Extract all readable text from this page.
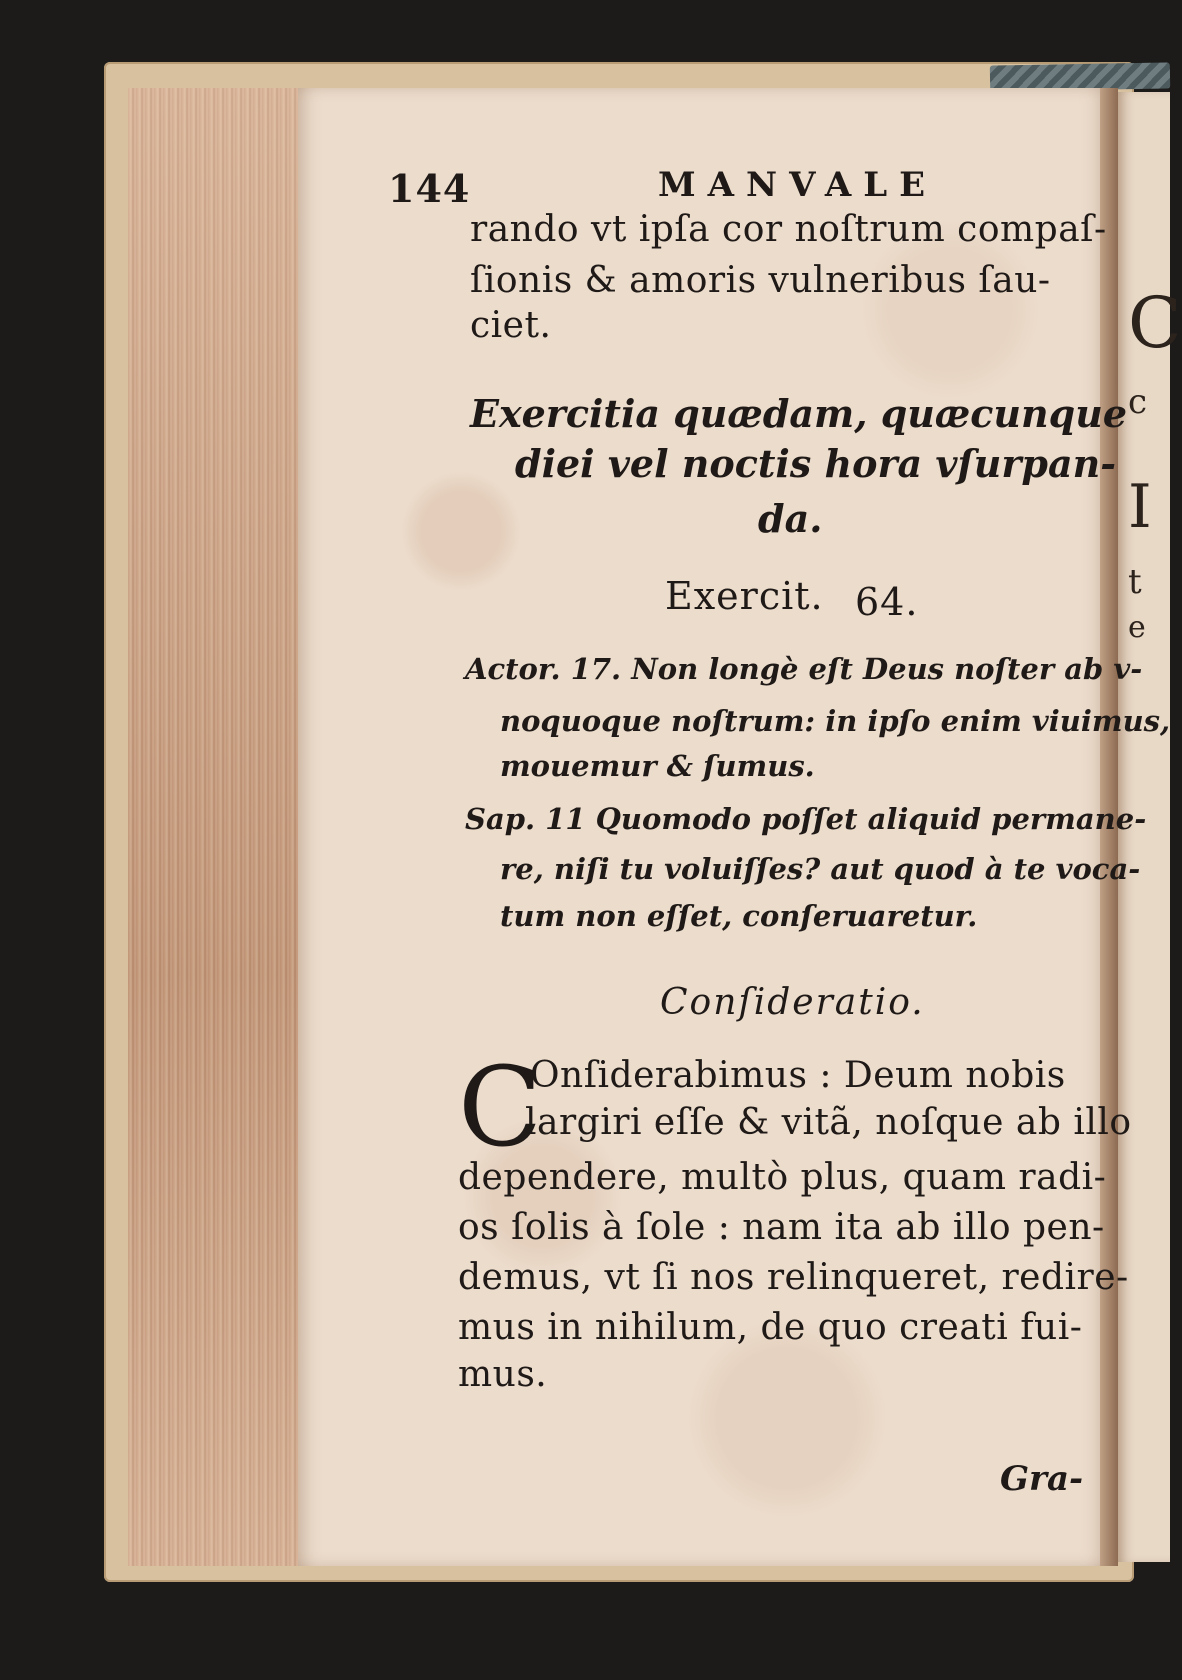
C
c
I
t
e
144	MANVALE
rando vt ipſa cor noſtrum compaſ-
ſionis & amoris vulneribus ſau-
ciet.
Exercitia quædam, quæcunque
diei vel noctis hora vſurpan-
da.
Exercit. 64.
Actor. 17. Non longè eſt Deus noſter ab v-
noquoque noſtrum: in ipſo enim viuimus,
mouemur & ſumus.
Sap. 11 Quomodo poſſet aliquid permane-
re, niſi tu voluiſſes? aut quod à te voca-
tum non eſſet, conſeruaretur.
Conſideratio.
C
Onſiderabimus : Deum nobis
largiri eſſe & vitã, noſque ab illo
dependere, multò plus, quam radi-
os ſolis à ſole : nam ita ab illo pen-
demus, vt ſi nos relinqueret, redire-
mus in nihilum, de quo creati fui-
mus.
Gra-
